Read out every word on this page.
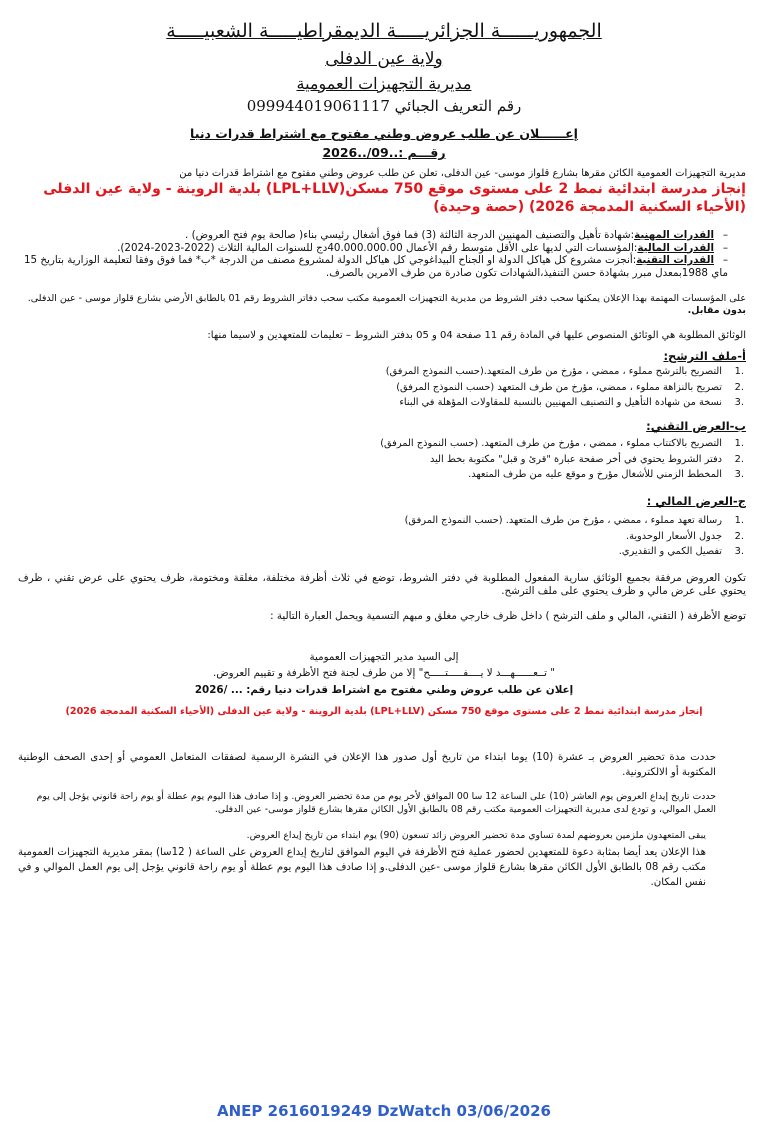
الجمهوريــــــة الجزائريـــــة الديمقراطيـــــة الشعبيـــــة
ولاية عين الدفلى
مديرية التجهيزات العمومية
رقم التعريف الجبائي 099944019061117
إعــــــلان عن طلب عروض وطني مفتوح مع اشتراط قدرات دنيا
رقـــم :..09/..2026
مديرية التجهيزات العمومية الكائن مقرها بشارع قلواز موسى- عين الدفلى، تعلن عن طلب عروض وطني مفتوح مع اشتراط قدرات دنيا من
إنجاز مدرسة ابتدائية نمط 2 على مستوى موقع 750 مسكن(LPL+LLV) بلدية الروينة - ولاية عين الدفلى (الأحياء السكنية المدمجة 2026) (حصة وحيدة)
–القدرات المهنية:شهادة تأهيل والتصنيف المهنيين الدرجة الثالثة (3) فما فوق أشغال رئيسي بناء( صالحة يوم فتح العروض) .
–القدرات المالية:المؤسسات التي لديها على الأقل متوسط رقم الأعمال 40.000.000.00دج للسنوات المالية الثلاث (2022-2023-2024).
–القدرات التقنية:أنجزت مشروع كل هياكل الدولة او الجناح البيداغوجي كل هياكل الدولة لمشروع مصنف من الدرجة *ب* فما فوق وفقا لتعليمة الوزارية بتاريخ 15 ماي 1988بمعدل مبرر بشهادة حسن التنفيذ،الشهادات تكون صادرة من طرف الامرين بالصرف.
على المؤسسات المهتمة بهذا الإعلان يمكنها سحب دفتر الشروط من مديرية التجهيزات العمومية مكتب سحب دفاتر الشروط رقم 01 بالطابق الأرضي بشارع قلواز موسى - عين الدفلى. بدون مقابل.
الوثائق المطلوبة هي الوثائق المنصوص عليها في المادة رقم 11 صفحة 04 و 05 بدفتر الشروط – تعليمات للمتعهدين و لاسيما منها:
أ-ملف الترشح:
.1التصريح بالترشح مملوء ، ممضي ، مؤرخ من طرف المتعهد.(حسب النموذج المرفق)
.2تصريح بالنزاهة مملوء ، ممضي، مؤرخ من طرف المتعهد (حسب النموذج المرفق)
.3نسخة من شهادة التأهيل و التصنيف المهنيين بالنسبة للمقاولات المؤهلة في البناء
ب-العرض التقني:
.1التصريح بالاكتتاب مملوء ، ممضي ، مؤرخ من طرف المتعهد. (حسب النموذج المرفق)
.2دفتر الشروط يحتوي في أخر صفحة عبارة "قرئ و قبل" مكتوبة بخط اليد
.3المخطط الزمني للأشغال مؤرخ و موقع عليه من طرف المتعهد.
ج-العرض المالي :
.1رسالة تعهد مملوء ، ممضي ، مؤرخ من طرف المتعهد. (حسب النموذج المرفق)
.2جدول الأسعار الوحدوية.
.3تفصيل الكمي و التقديري.
تكون العروض مرفقة بجميع الوثائق سارية المفعول المطلوبة في دفتر الشروط، توضع في ثلاث أظرفة مختلفة، مغلقة ومختومة، ظرف يحتوي على عرض تقني ، ظرف يحتوي على عرض مالي و ظرف يحتوي على ملف الترشح.
توضع الأظرفة ( التقني، المالي و ملف الترشح ) داخل ظرف خارجي مغلق و مبهم التسمية ويحمل العبارة التالية :
إلى السيد مدير التجهيزات العمومية
" تــعــــــهـــد لا يــــفـــــتـــــح" إلا من طرف لجنة فتح الأظرفة و تقييم العروض.
إعلان عن طلب عروض وطني مفتوح مع اشتراط قدرات دنيا رقم: ... /2026
إنجاز مدرسة ابتدائية نمط 2 على مستوى موقع 750 مسكن (LPL+LLV) بلدية الروينة - ولاية عين الدفلى (الأحياء السكنية المدمجة 2026)
حددت مدة تحضير العروض بـ عشرة (10) يوما ابتداء من تاريخ أول صدور هذا الإعلان في النشرة الرسمية لصفقات المتعامل العمومي أو إحدى الصحف الوطنية المكتوبة أو الالكترونية.
حددت تاريخ إيداع العروض يوم العاشر (10) على الساعة 12 سا 00 الموافق لأخر يوم من مدة تحضير العروض. و إذا صادف هذا اليوم يوم عطلة أو يوم راحة قانوني يؤجل إلى يوم العمل الموالي، و تودع لدى مديرية التجهيزات العمومية مكتب رقم 08 بالطابق الأول الكائن مقرها بشارع قلواز موسى- عين الدفلى.
يبقى المتعهدون ملزمين بعروضهم لمدة تساوي مدة تحضير العروض زائد تسعون (90) يوم ابتداء من تاريخ إيداع العروض.
هذا الإعلان يعد أيضا بمثابة دعوة للمتعهدين لحضور عملية فتح الأظرفة في اليوم الموافق لتاريخ إيداع العروض على الساعة ( 12سا) بمقر مديرية التجهيزات العمومية مكتب رقم 08 بالطابق الأول الكائن مقرها بشارع قلواز موسى -عين الدفلى.و إذا صادف هذا اليوم يوم عطلة أو يوم راحة قانوني يؤجل إلى يوم العمل الموالي و في نفس المكان.
ANEP 2616019249 DzWatch 03/06/2026
